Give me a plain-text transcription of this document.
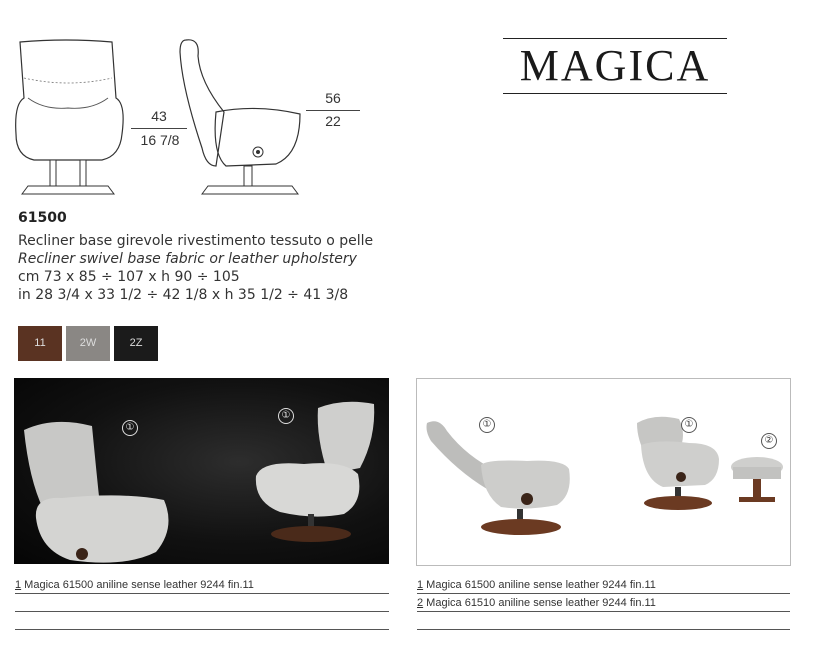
MAGICA
43
16 7/8
56
22
61500
Recliner base girevole rivestimento tessuto o pelle
Recliner swivel base fabric or leather upholstery
cm 73 x 85 ÷ 107 x h 90 ÷ 105
in 28 3/4 x 33 1/2 ÷ 42 1/8 x h 35 1/2 ÷ 41 3/8
11	2W	2Z
①
①
①	①
②
1 Magica 61500 aniline sense leather 9244 fin.11	1 Magica 61500 aniline sense leather 9244 fin.11
2 Magica 61510 aniline sense leather 9244 fin.11
